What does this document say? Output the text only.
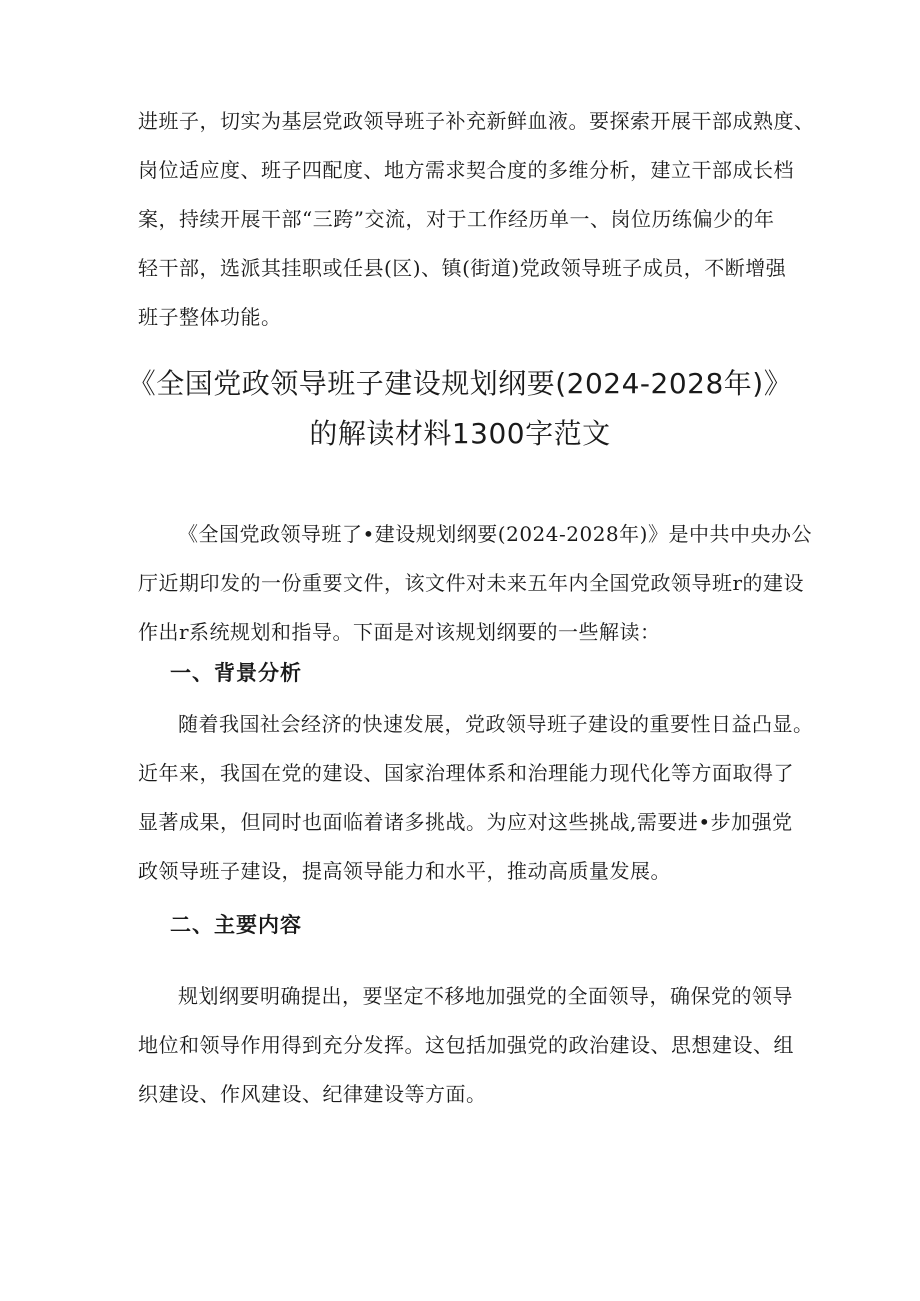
进班子，切实为基层党政领导班子补充新鲜血液。要探索开展干部成熟度、
岗位适应度、班子四配度、地方需求契合度的多维分析，建立干部成长档
案，持续开展干部“三跨”交流，对于工作经历单一、岗位历练偏少的年
轻干部，选派其挂职或任县(区)、镇(街道)党政领导班子成员，不断增强
班子整体功能。
《全国党政领导班子建设规划纲要(2024-2028年)》
的解读材料1300字范文
《全国党政领导班了•建设规划纲要(2024-2028年)》是中共中央办公
厅近期印发的一份重要文件，该文件对未来五年内全国党政领导班r的建设
作出r系统规划和指导。下面是对该规划纲要的一些解读：
一、背景分析
随着我国社会经济的快速发展，党政领导班子建设的重要性日益凸显。
近年来，我国在党的建设、国家治理体系和治理能力现代化等方面取得了
显著成果，但同时也面临着诸多挑战。为应对这些挑战,需要进•步加强党
政领导班子建设，提高领导能力和水平，推动高质量发展。
二、主要内容
规划纲要明确提出，要坚定不移地加强党的全面领导，确保党的领导
地位和领导作用得到充分发挥。这包括加强党的政治建设、思想建设、组
织建设、作风建设、纪律建设等方面。
